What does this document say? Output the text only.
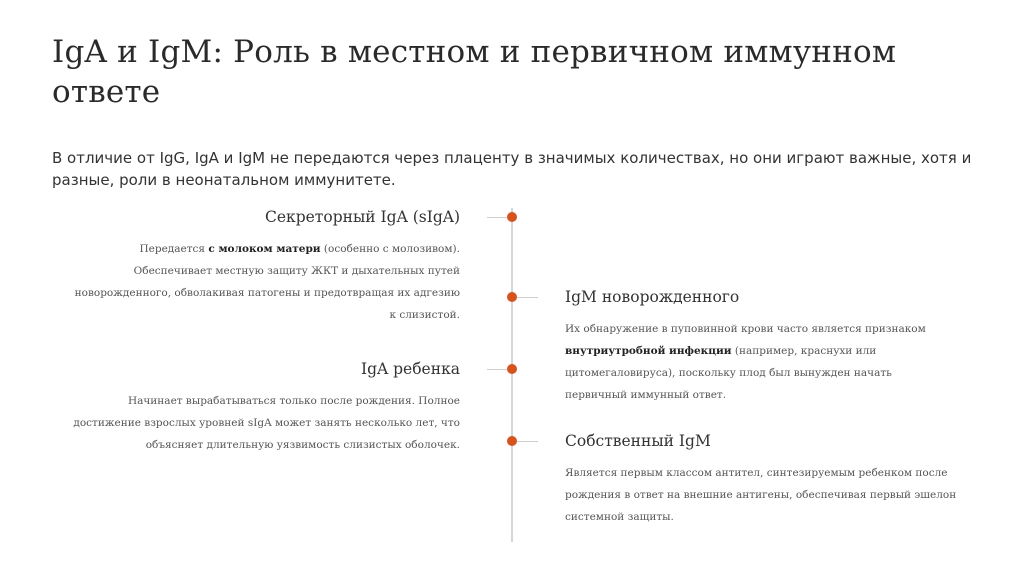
IgA и IgM: Роль в местном и первичном иммунном ответе
В отличие от IgG, IgA и IgM не передаются через плаценту в значимых количествах, но они играют важные, хотя и разные, роли в неонатальном иммунитете.
Секреторный IgA (sIgA)
Передается с молоком матери (особенно с молозивом). Обеспечивает местную защиту ЖКТ и дыхательных путей новорожденного, обволакивая патогены и предотвращая их адгезию к слизистой.
IgM новорожденного
Их обнаружение в пуповинной крови часто является признаком внутриутробной инфекции (например, краснухи или цитомегаловируса), поскольку плод был вынужден начать первичный иммунный ответ.
IgA ребенка
Начинает вырабатываться только после рождения. Полное достижение взрослых уровней sIgA может занять несколько лет, что объясняет длительную уязвимость слизистых оболочек.	Собственный IgM
Является первым классом антител, синтезируемым ребенком после рождения в ответ на внешние антигены, обеспечивая первый эшелон системной защиты.
